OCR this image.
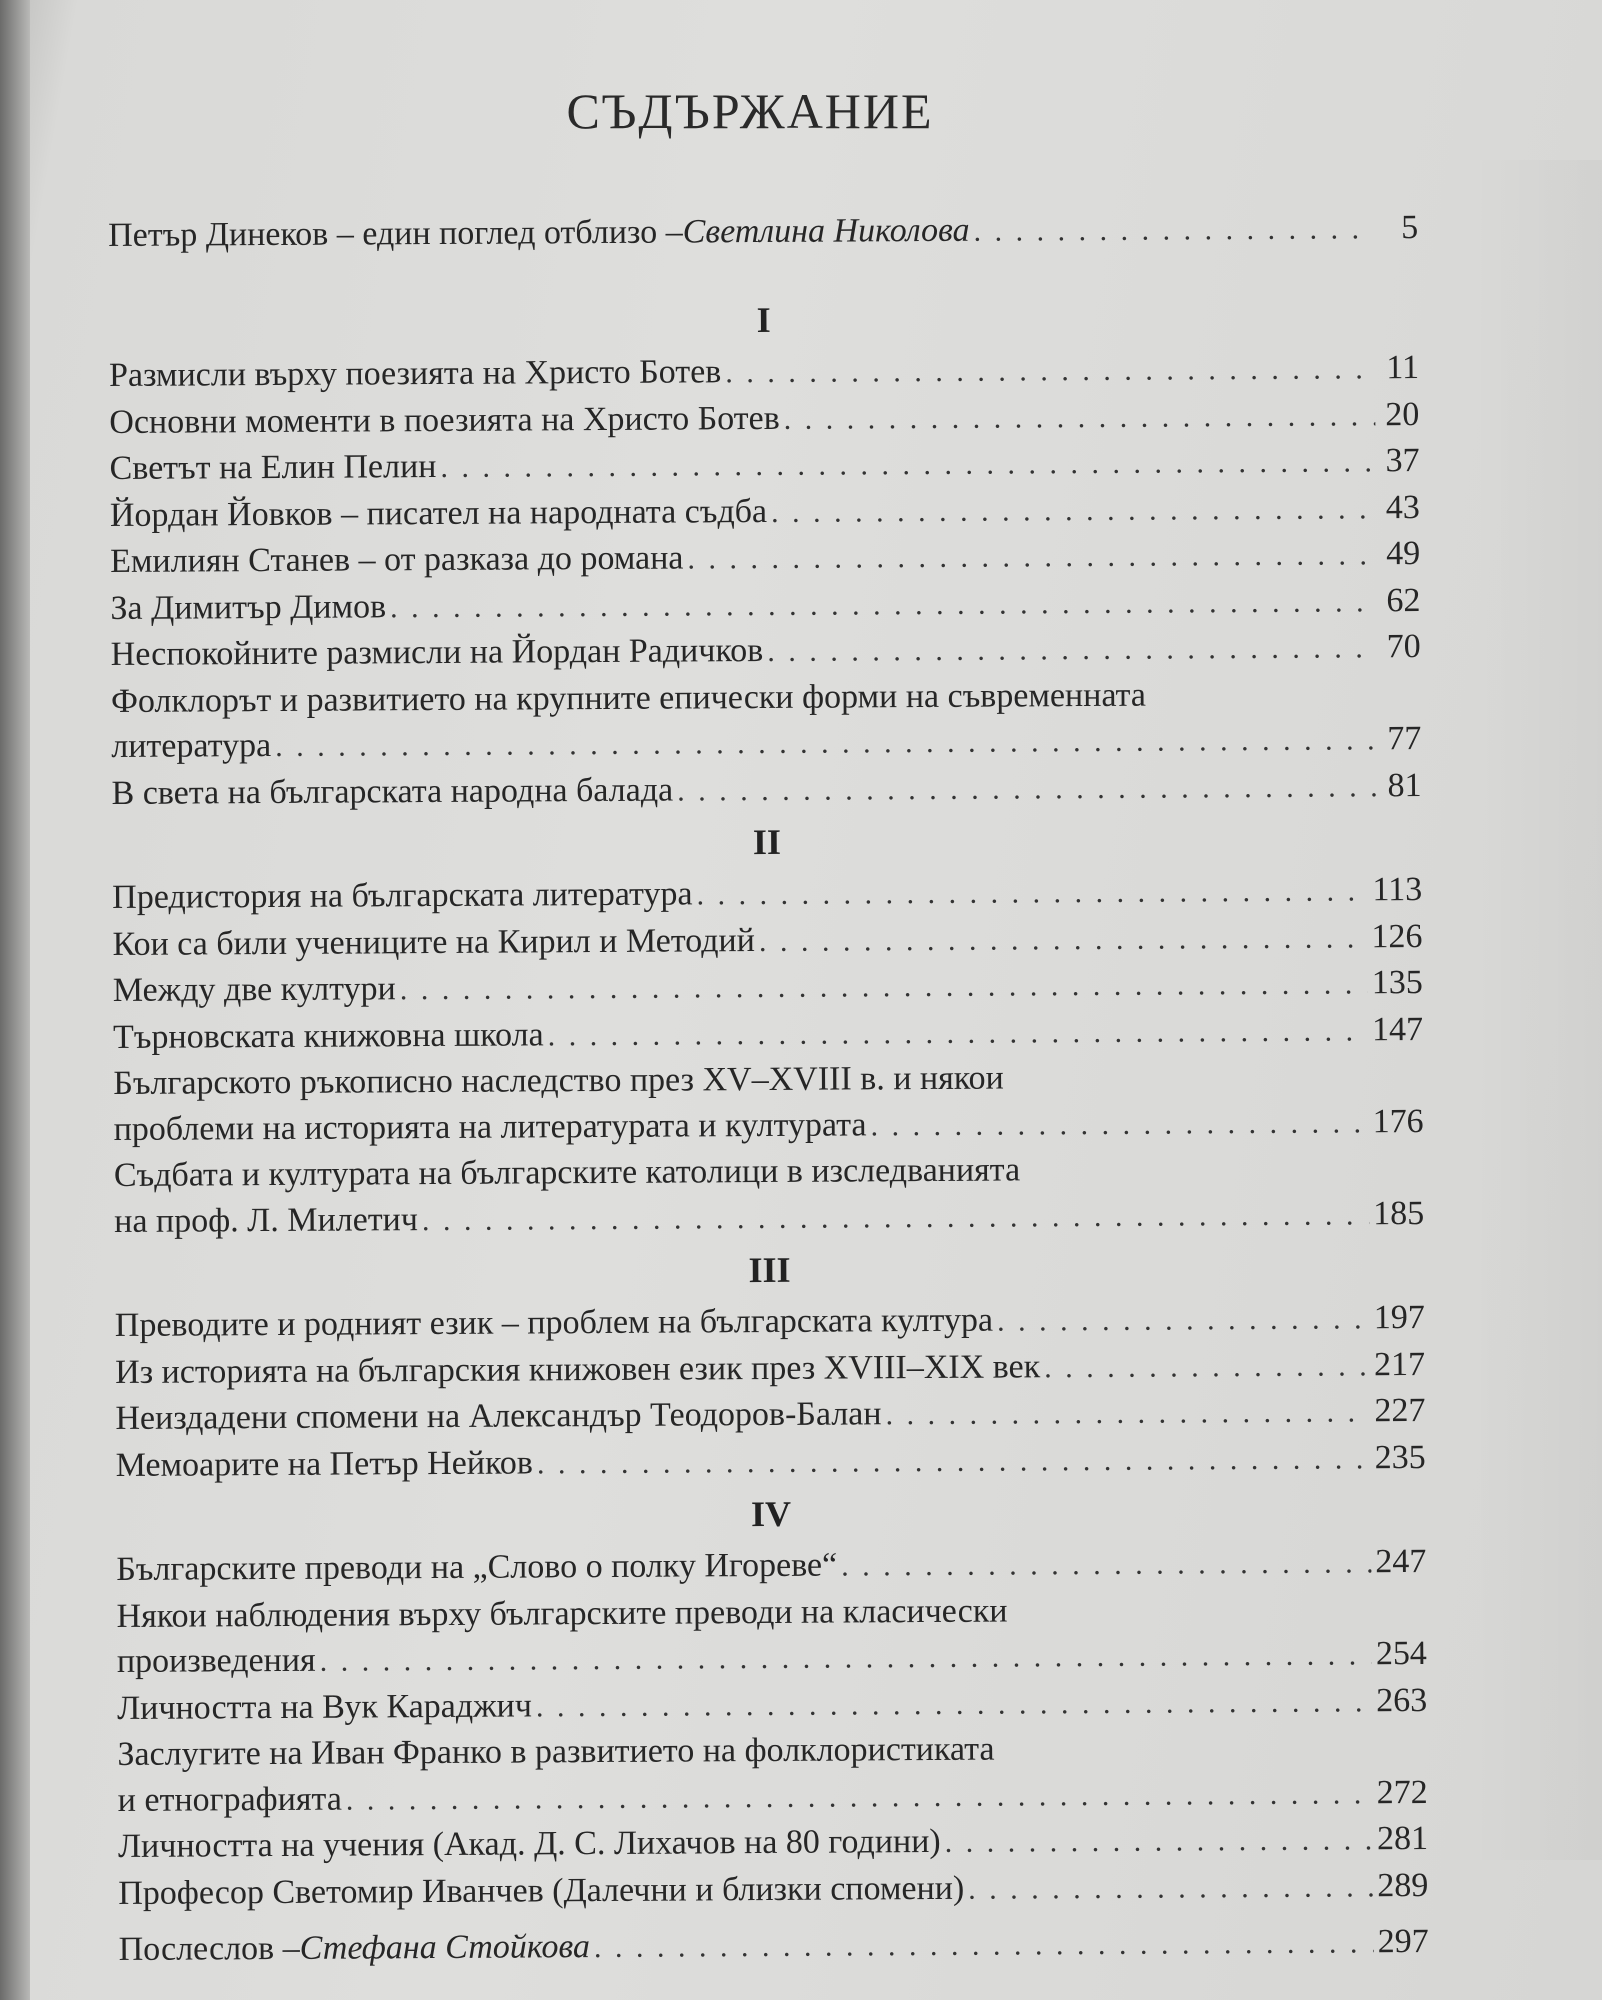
СЪДЪРЖАНИЕ
Петър Динеков – един поглед отблизо – Светлина Николова . . .	5
I
Размисли върху поезията на Христо Ботев . . .	11
Основни моменти в поезията на Христо Ботев . . .	20
Светът на Елин Пелин . . .	37
Йордан Йовков – писател на народната съдба . . .	43
Емилиян Станев – от разказа до романа . . .	49
За Димитър Димов . . .	62
Неспокойните размисли на Йордан Радичков . . .	70
Фолклорът и развитието на крупните епически форми на съвременната
литература . . .	77
В света на българската народна балада . . .	81
II
Предистория на българската литература . . .	113
Кои са били учениците на Кирил и Методий . . .	126
Между две култури . . .	135
Търновската книжовна школа . . .	147
Българското ръкописно наследство през XV–XVIII в. и някои
проблеми на историята на литературата и културата . . .	176
Съдбата и културата на българските католици в изследванията
на проф. Л. Милетич . . .	185
III
Преводите и родният език – проблем на българската култура . . .	197
Из историята на българския книжовен език през XVIII–XIX век . . .	217
Неиздадени спомени на Александър Теодоров-Балан . . .	227
Мемоарите на Петър Нейков . . .	235
IV
Българските преводи на „Слово о полку Игореве“ . . .	247
Някои наблюдения върху българските преводи на класически
произведения . . .	254
Личността на Вук Караджич . . .	263
Заслугите на Иван Франко в развитието на фолклористиката
и етнографията . . .	272
Личността на учения (Акад. Д. С. Лихачов на 80 години) . . .	281
Професор Светомир Иванчев (Далечни и близки спомени) . . .	289
Послеслов – Стефана Стойкова . . .	297
